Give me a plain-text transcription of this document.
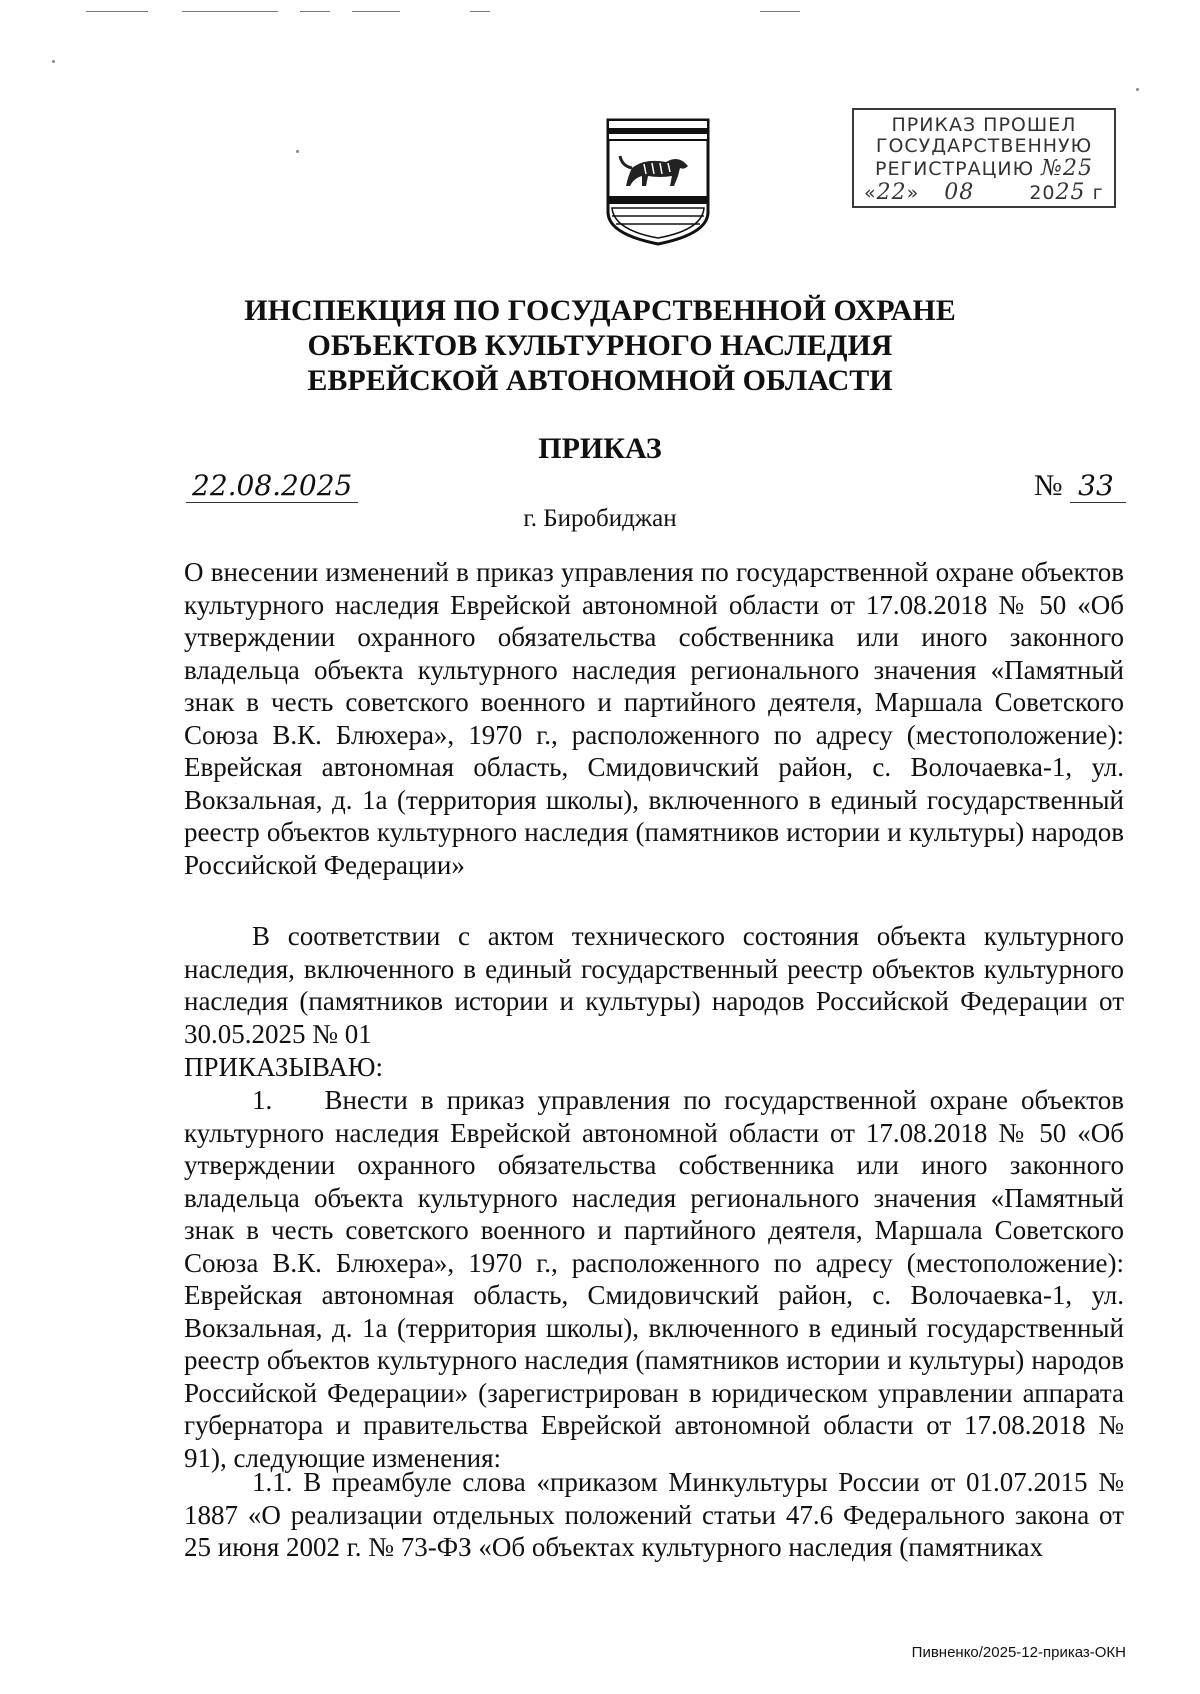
ПРИКАЗ ПРОШЕЛ
ГОСУДАРСТВЕННУЮ
РЕГИСТРАЦИЮ №25
«22» 08	2025 г
ИНСПЕКЦИЯ ПО ГОСУДАРСТВЕННОЙ ОХРАНЕ
ОБЪЕКТОВ КУЛЬТУРНОГО НАСЛЕДИЯ
ЕВРЕЙСКОЙ АВТОНОМНОЙ ОБЛАСТИ
ПРИКАЗ
22.08.2025	№ 33
г. Биробиджан
О внесении изменений в приказ управления по государственной охране объектов культурного наследия Еврейской автономной области от 17.08.2018 № 50 «Об утверждении охранного обязательства собственника или иного законного владельца объекта культурного наследия регионального значения «Памятный знак в честь советского военного и партийного деятеля, Маршала Советского Союза В.К. Блюхера», 1970 г., расположенного по адресу (местоположение): Еврейская автономная область, Смидовичский район, с. Волочаевка-1, ул. Вокзальная, д. 1а (территория школы), включенного в единый государственный реестр объектов культурного наследия (памятников истории и культуры) народов Российской Федерации»
В соответствии с актом технического состояния объекта культурного наследия, включенного в единый государственный реестр объектов культурного наследия (памятников истории и культуры) народов Российской Федерации от 30.05.2025 № 01
ПРИКАЗЫВАЮ:
1.    Внести в приказ управления по государственной охране объектов культурного наследия Еврейской автономной области от 17.08.2018 № 50 «Об утверждении охранного обязательства собственника или иного законного владельца объекта культурного наследия регионального значения «Памятный знак в честь советского военного и партийного деятеля, Маршала Советского Союза В.К. Блюхера», 1970 г., расположенного по адресу (местоположение): Еврейская автономная область, Смидовичский район, с. Волочаевка-1, ул. Вокзальная, д. 1а (территория школы), включенного в единый государственный реестр объектов культурного наследия (памятников истории и культуры) народов Российской Федерации» (зарегистрирован в юридическом управлении аппарата губернатора и правительства Еврейской автономной области от 17.08.2018 № 91), следующие изменения:
1.1. В преамбуле слова «приказом Минкультуры России от 01.07.2015 № 1887 «О реализации отдельных положений статьи 47.6 Федерального закона от 25 июня 2002 г. № 73-ФЗ «Об объектах культурного наследия (памятниках
Пивненко/2025-12-приказ-ОКН
